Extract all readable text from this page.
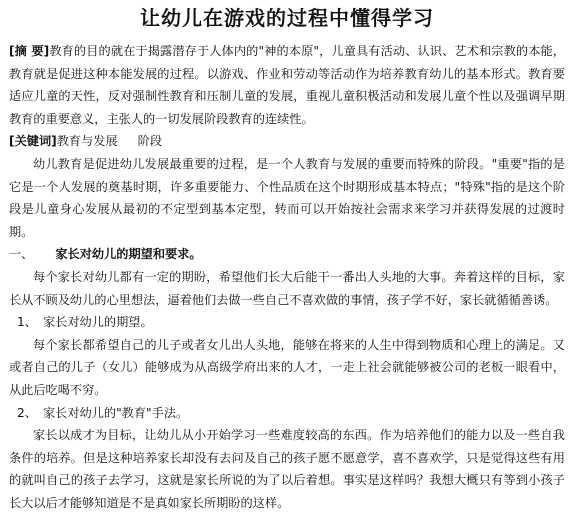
让幼儿在游戏的过程中懂得学习

[摘 要]教育的目的就在于揭露潜存于人体内的"神的本原"，儿童具有活动、认识、艺术和宗教的本能，教育就是促进这种本能发展的过程。以游戏、作业和劳动等活动作为培养教育幼儿的基本形式。教育要适应儿童的天性，反对强制性教育和压制儿童的发展，重视儿童积极活动和发展儿童个性以及强调早期教育的重要意义，主张人的一切发展阶段教育的连续性。

[关键词]教育与发展 阶段

幼儿教育是促进幼儿发展最重要的过程，是一个人教育与发展的重要而特殊的阶段。"重要"指的是它是一个人发展的奠基时期，许多重要能力、个性品质在这个时期形成基本特点；"特殊"指的是这个阶段是儿童身心发展从最初的不定型到基本定型，转而可以开始按社会需求来学习并获得发展的过渡时期。

一、 家长对幼儿的期望和要求。

每个家长对幼儿都有一定的期盼，希望他们长大后能干一番出人头地的大事。奔着这样的目标，家长从不顾及幼儿的心里想法，逼着他们去做一些自己不喜欢做的事情，孩子学不好，家长就循循善诱。

1、 家长对幼儿的期望。

每个家长都希望自己的儿子或者女儿出人头地，能够在将来的人生中得到物质和心理上的满足。又或者自己的儿子（女儿）能够成为从高级学府出来的人才，一走上社会就能够被公司的老板一眼看中，从此后吃喝不穷。

2、 家长对幼儿的"教育"手法。

家长以成才为目标，让幼儿从小开始学习一些难度较高的东西。作为培养他们的能力以及一些自我条件的培养。但是这种培养家长却没有去问及自己的孩子愿不愿意学，喜不喜欢学，只是觉得这些有用的就叫自己的孩子去学习，这就是家长所说的为了以后着想。事实是这样吗？我想大概只有等到小孩子长大以后才能够知道是不是真如家长所期盼的这样。
